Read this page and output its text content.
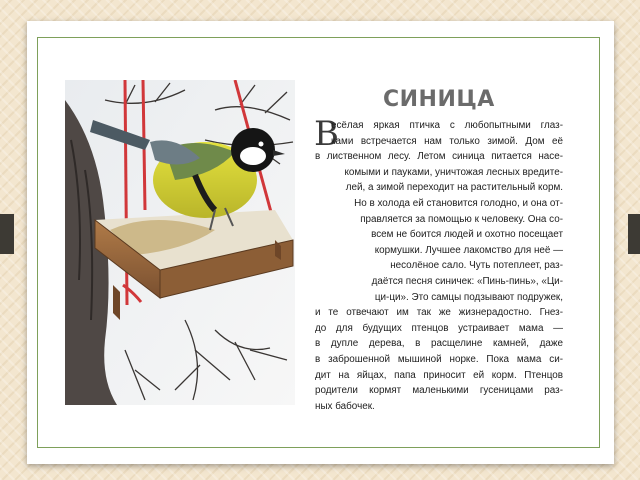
СИНИЦА
В
есёлая яркая птичка с любопытными глаз-
ками встречается нам только зимой. Дом её
в лиственном лесу. Летом синица питается насе-
комыми и пауками, уничтожая лесных вредите-
лей, а зимой переходит на растительный корм.
Но в холода ей становится голодно, и она от-
правляется за помощью к человеку. Она со-
всем не боится людей и охотно посещает
кормушки. Лучшее лакомство для неё —
несолёное сало. Чуть потеплеет, раз-
даётся песня синичек: «Пинь-пинь», «Ци-
ци-ци». Это самцы подзывают подружек,
и те отвечают им так же жизнерадостно. Гнез-
до для будущих птенцов устраивает мама —
в дупле дерева, в расщелине камней, даже
в заброшенной мышиной норке. Пока мама си-
дит на яйцах, папа приносит ей корм. Птенцов
родители кормят маленькими гусеницами раз-
ных бабочек.
